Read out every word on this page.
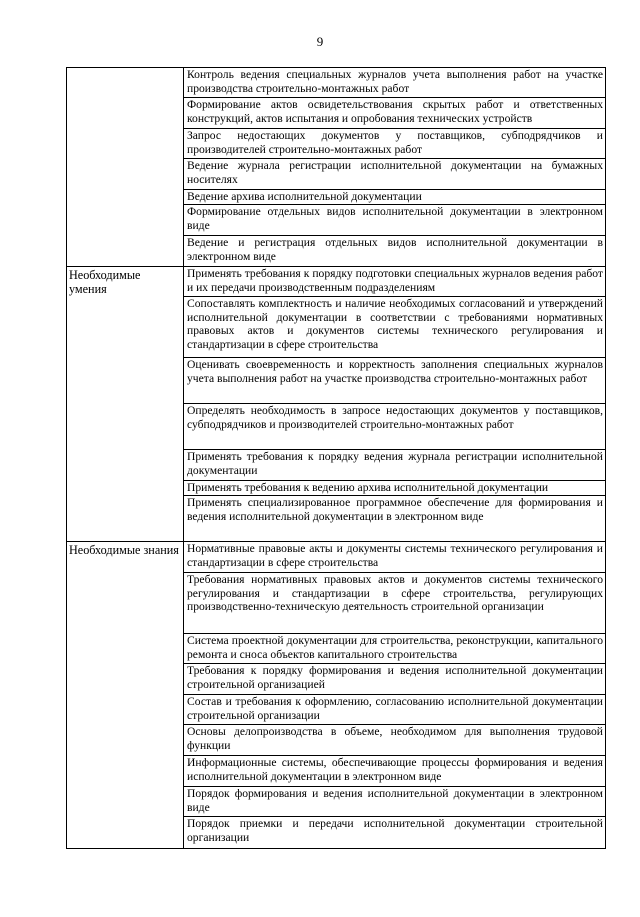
9
Контроль ведения специальных журналов учета выполнения работ на участке производства строительно-монтажных работ
Формирование актов освидетельствования скрытых работ и ответственных конструкций, актов испытания и опробования технических устройств
Запрос недостающих документов у поставщиков, субподрядчиков и производителей строительно-монтажных работ
Ведение журнала регистрации исполнительной документации на бумажных носителях
Ведение архива исполнительной документации
Формирование отдельных видов исполнительной документации в электронном виде
Ведение и регистрация отдельных видов исполнительной документации в электронном виде
Необходимые умения
Применять требования к порядку подготовки специальных журналов ведения работ и их передачи производственным подразделениям
Сопоставлять комплектность и наличие необходимых согласований и утверждений исполнительной документации в соответствии с требованиями нормативных правовых актов и документов системы технического регулирования и стандартизации в сфере строительства
Оценивать своевременность и корректность заполнения специальных журналов учета выполнения работ на участке производства строительно-монтажных работ
Определять необходимость в запросе недостающих документов у поставщиков, субподрядчиков и производителей строительно-монтажных работ
Применять требования к порядку ведения журнала регистрации исполнительной документации
Применять требования к ведению архива исполнительной документации
Применять специализированное программное обеспечение для формирования и ведения исполнительной документации в электронном виде
Необходимые знания Нормативные правовые акты и документы системы технического регулирования и стандартизации в сфере строительства
Требования нормативных правовых актов и документов системы технического регулирования и стандартизации в сфере строительства, регулирующих производственно-техническую деятельность строительной организации
Система проектной документации для строительства, реконструкции, капитального ремонта и сноса объектов капитального строительства
Требования к порядку формирования и ведения исполнительной документации строительной организацией
Состав и требования к оформлению, согласованию исполнительной документации строительной организации
Основы делопроизводства в объеме, необходимом для выполнения трудовой функции
Информационные системы, обеспечивающие процессы формирования и ведения исполнительной документации в электронном виде
Порядок формирования и ведения исполнительной документации в электронном виде
Порядок приемки и передачи исполнительной документации строительной организации
